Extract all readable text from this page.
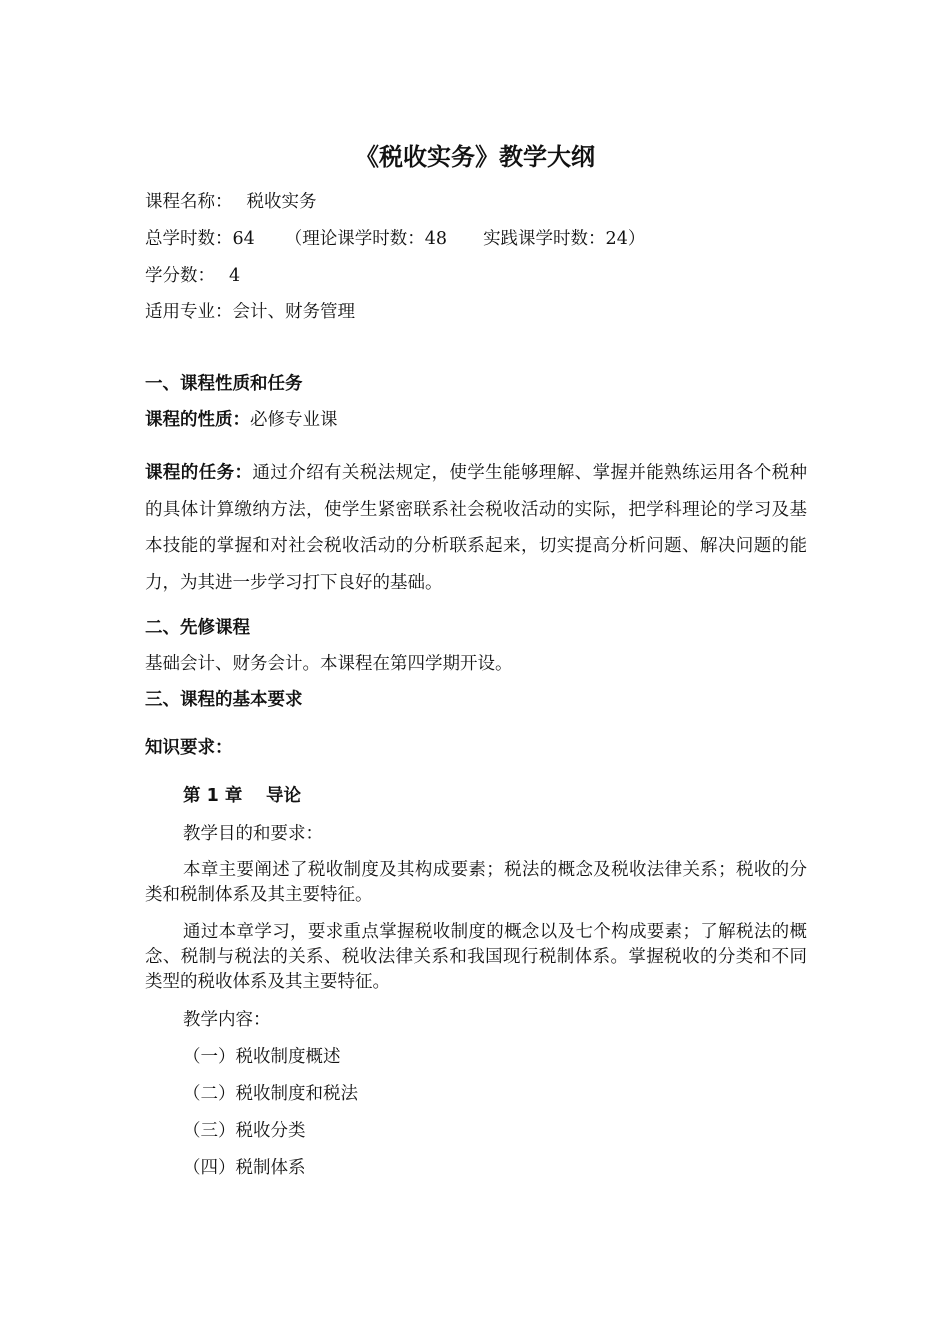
《税收实务》教学大纲
课程名称： 税收实务
总学时数：64 （理论课学时数：48 实践课学时数：24）
学分数： 4
适用专业：会计、财务管理
一、课程性质和任务
课程的性质：必修专业课
课程的任务：通过介绍有关税法规定，使学生能够理解、掌握并能熟练运用各个税种的具体计算缴纳方法，使学生紧密联系社会税收活动的实际，把学科理论的学习及基本技能的掌握和对社会税收活动的分析联系起来，切实提高分析问题、解决问题的能力，为其进一步学习打下良好的基础。
二、先修课程
基础会计、财务会计。本课程在第四学期开设。
三、课程的基本要求
知识要求：
第 1 章　 导论
教学目的和要求：
本章主要阐述了税收制度及其构成要素；税法的概念及税收法律关系；税收的分类和税制体系及其主要特征。
通过本章学习，要求重点掌握税收制度的概念以及七个构成要素；了解税法的概念、税制与税法的关系、税收法律关系和我国现行税制体系。掌握税收的分类和不同类型的税收体系及其主要特征。
教学内容：
（一）税收制度概述
（二）税收制度和税法
（三）税收分类
（四）税制体系
